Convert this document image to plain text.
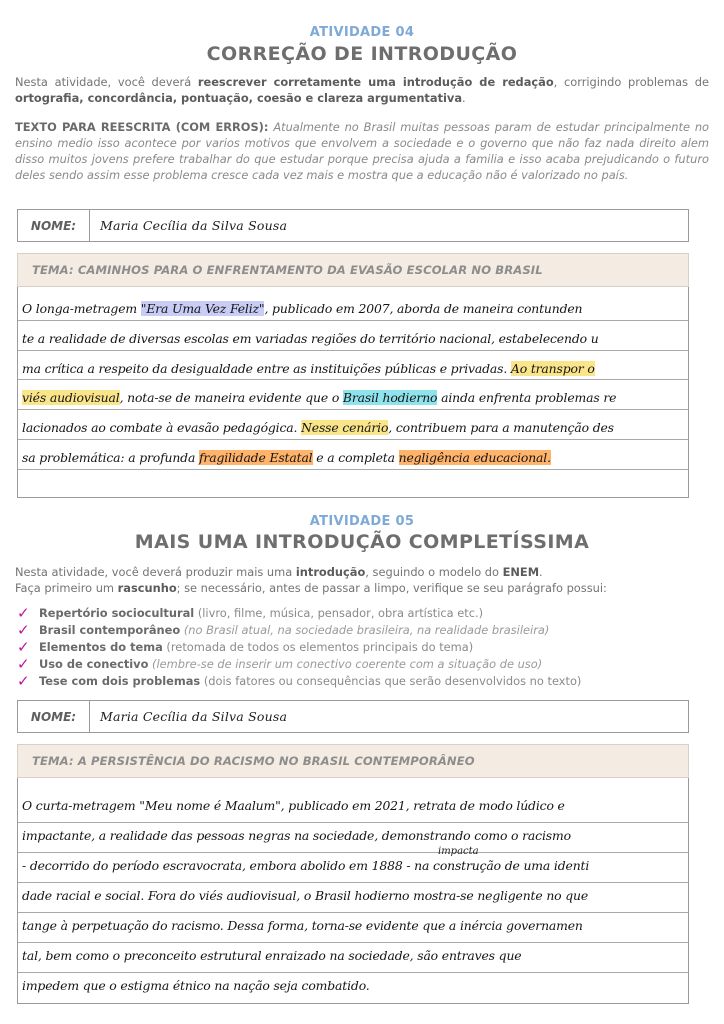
ATIVIDADE 04
CORREÇÃO DE INTRODUÇÃO
Nesta atividade, você deverá reescrever corretamente uma introdução de redação, corrigindo problemas de ortografia, concordância, pontuação, coesão e clareza argumentativa.
TEXTO PARA REESCRITA (COM ERROS): Atualmente no Brasil muitas pessoas param de estudar principalmente no ensino medio isso acontece por varios motivos que envolvem a sociedade e o governo que não faz nada direito alem disso muitos jovens prefere trabalhar do que estudar porque precisa ajuda a familia e isso acaba prejudicando o futuro deles sendo assim esse problema cresce cada vez mais e mostra que a educação não é valorizado no país.
NOME:	Maria Cecília da Silva Sousa
TEMA: CAMINHOS PARA O ENFRENTAMENTO DA EVASÃO ESCOLAR NO BRASIL
O longa-metragem "Era Uma Vez Feliz", publicado em 2007, aborda de maneira contunden
te a realidade de diversas escolas em variadas regiões do território nacional, estabelecendo u
ma crítica a respeito da desigualdade entre as instituições públicas e privadas. Ao transpor o
viés audiovisual, nota-se de maneira evidente que o Brasil hodierno ainda enfrenta problemas re
lacionados ao combate à evasão pedagógica. Nesse cenário, contribuem para a manutenção des
sa problemática: a profunda fragilidade Estatal e a completa negligência educacional.
ATIVIDADE 05
MAIS UMA INTRODUÇÃO COMPLETÍSSIMA
Nesta atividade, você deverá produzir mais uma introdução, seguindo o modelo do ENEM.
Faça primeiro um rascunho; se necessário, antes de passar a limpo, verifique se seu parágrafo possui:
✓ Repertório sociocultural (livro, filme, música, pensador, obra artística etc.)
✓ Brasil contemporâneo (no Brasil atual, na sociedade brasileira, na realidade brasileira)
✓ Elementos do tema (retomada de todos os elementos principais do tema)
✓ Uso de conectivo (lembre-se de inserir um conectivo coerente com a situação de uso)
✓ Tese com dois problemas (dois fatores ou consequências que serão desenvolvidos no texto)
NOME:	Maria Cecília da Silva Sousa
TEMA: A PERSISTÊNCIA DO RACISMO NO BRASIL CONTEMPORÂNEO
O curta-metragem "Meu nome é Maalum", publicado em 2021, retrata de modo lúdico e
impactante, a realidade das pessoas negras na sociedade, demonstrando como o racismo
impacta
- decorrido do período escravocrata, embora abolido em 1888 - na construção de uma identi
dade racial e social. Fora do viés audiovisual, o Brasil hodierno mostra-se negligente no que
tange à perpetuação do racismo. Dessa forma, torna-se evidente que a inércia governamen
tal, bem como o preconceito estrutural enraizado na sociedade, são entraves que
impedem que o estigma étnico na nação seja combatido.
